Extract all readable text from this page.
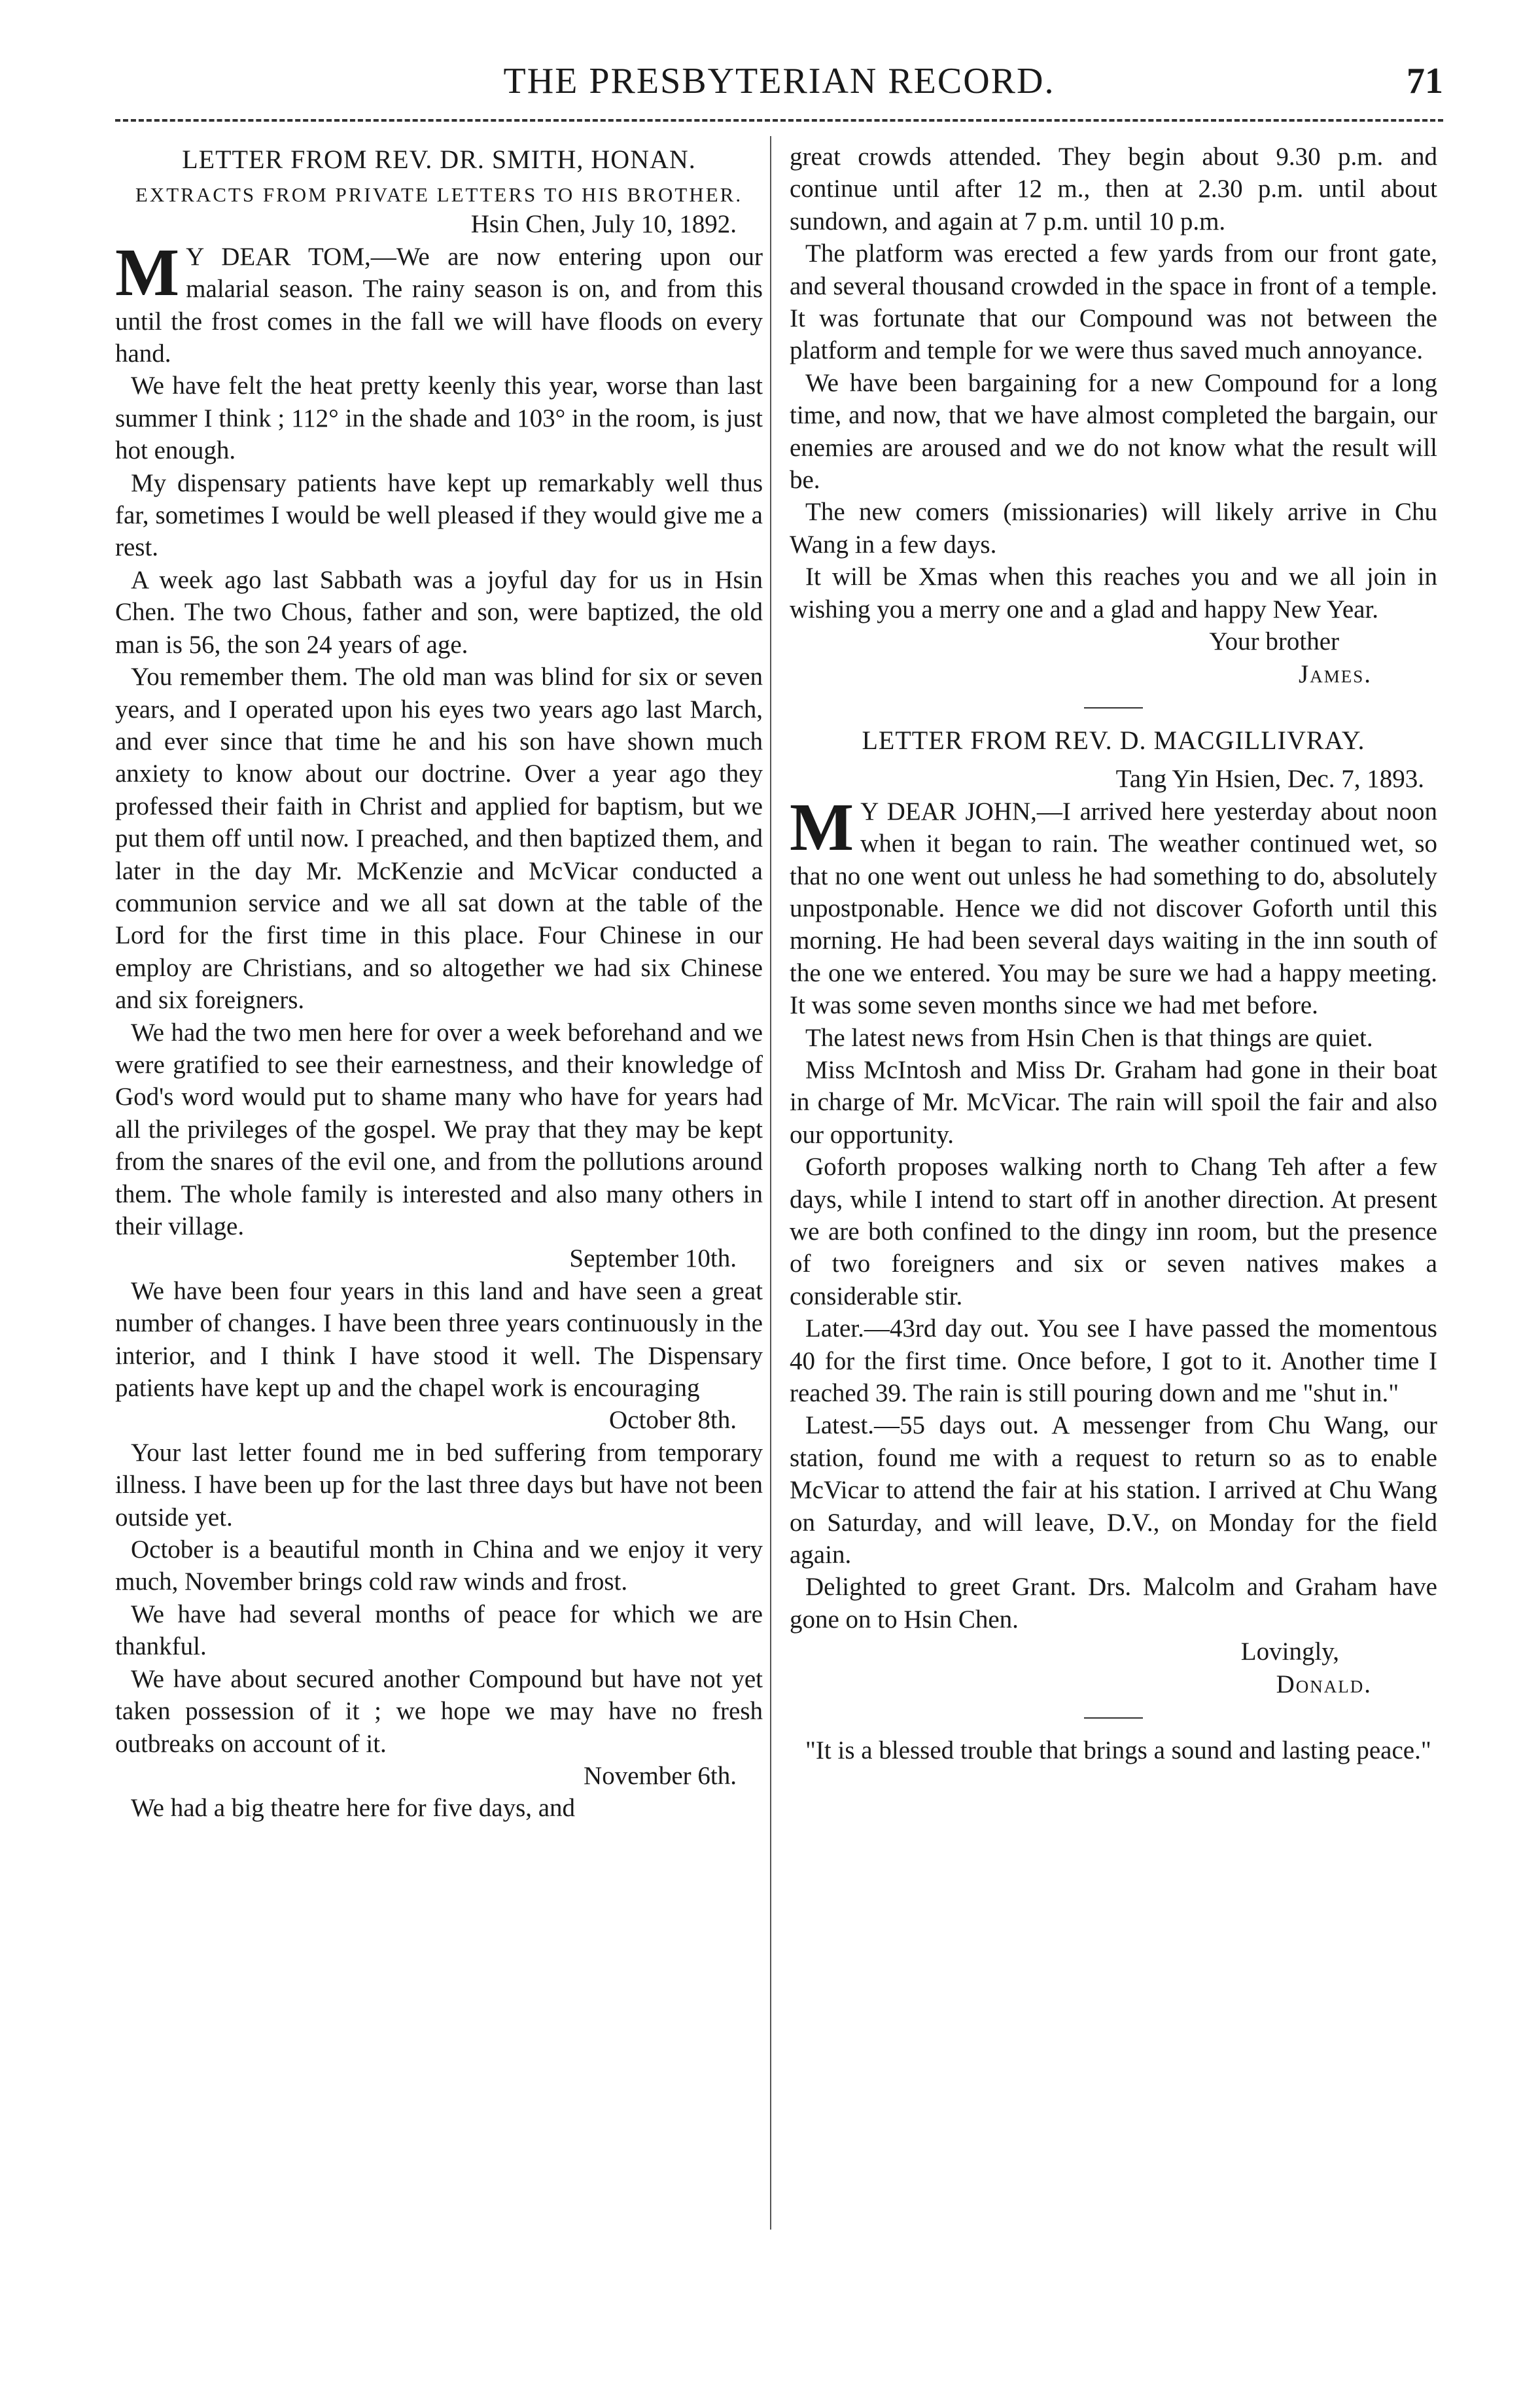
THE PRESBYTERIAN RECORD.	71
LETTER FROM REV. DR. SMITH, HONAN.
EXTRACTS FROM PRIVATE LETTERS TO HIS BROTHER.
Hsin Chen, July 10, 1892.

M Y DEAR TOM,—We are now entering upon our malarial season. The rainy season is on, and from this until the frost comes in the fall we will have floods on every hand.

We have felt the heat pretty keenly this year, worse than last summer I think ; 112° in the shade and 103° in the room, is just hot enough.

My dispensary patients have kept up remarkably well thus far, sometimes I would be well pleased if they would give me a rest.

A week ago last Sabbath was a joyful day for us in Hsin Chen. The two Chous, father and son, were baptized, the old man is 56, the son 24 years of age.

You remember them. The old man was blind for six or seven years, and I operated upon his eyes two years ago last March, and ever since that time he and his son have shown much anxiety to know about our doctrine. Over a year ago they professed their faith in Christ and applied for baptism, but we put them off until now. I preached, and then baptized them, and later in the day Mr. McKenzie and McVicar conducted a communion service and we all sat down at the table of the Lord for the first time in this place. Four Chinese in our employ are Christians, and so altogether we had six Chinese and six foreigners.

We had the two men here for over a week beforehand and we were gratified to see their earnestness, and their knowledge of God's word would put to shame many who have for years had all the privileges of the gospel. We pray that they may be kept from the snares of the evil one, and from the pollutions around them. The whole family is interested and also many others in their village.

September 10th.

We have been four years in this land and have seen a great number of changes. I have been three years continuously in the interior, and I think I have stood it well. The Dispensary patients have kept up and the chapel work is encouraging

October 8th.

Your last letter found me in bed suffering from temporary illness. I have been up for the last three days but have not been outside yet.

October is a beautiful month in China and we enjoy it very much, November brings cold raw winds and frost.

We have had several months of peace for which we are thankful.

We have about secured another Compound but have not yet taken possession of it ; we hope we may have no fresh outbreaks on account of it.

November 6th.

We had a big theatre here for five days, and

great crowds attended. They begin about 9.30 p.m. and continue until after 12 m., then at 2.30 p.m. until about sundown, and again at 7 p.m. until 10 p.m.

The platform was erected a few yards from our front gate, and several thousand crowded in the space in front of a temple. It was fortunate that our Compound was not between the platform and temple for we were thus saved much annoyance.

We have been bargaining for a new Compound for a long time, and now, that we have almost completed the bargain, our enemies are aroused and we do not know what the result will be.

The new comers (missionaries) will likely arrive in Chu Wang in a few days.

It will be Xmas when this reaches you and we all join in wishing you a merry one and a glad and happy New Year.

Your brother
James.
LETTER FROM REV. D. MACGILLIVRAY.
Tang Yin Hsien, Dec. 7, 1893.

M Y DEAR JOHN,—I arrived here yesterday about noon when it began to rain. The weather continued wet, so that no one went out unless he had something to do, absolutely unpostponable. Hence we did not discover Goforth until this morning. He had been several days waiting in the inn south of the one we entered. You may be sure we had a happy meeting. It was some seven months since we had met before.

The latest news from Hsin Chen is that things are quiet.

Miss McIntosh and Miss Dr. Graham had gone in their boat in charge of Mr. McVicar. The rain will spoil the fair and also our opportunity.

Goforth proposes walking north to Chang Teh after a few days, while I intend to start off in another direction. At present we are both confined to the dingy inn room, but the presence of two foreigners and six or seven natives makes a considerable stir.

Later.—43rd day out. You see I have passed the momentous 40 for the first time. Once before, I got to it. Another time I reached 39. The rain is still pouring down and me "shut in."

Latest.—55 days out. A messenger from Chu Wang, our station, found me with a request to return so as to enable McVicar to attend the fair at his station. I arrived at Chu Wang on Saturday, and will leave, D.V., on Monday for the field again.

Delighted to greet Grant. Drs. Malcolm and Graham have gone on to Hsin Chen.

Lovingly,
Donald.

"It is a blessed trouble that brings a sound and lasting peace."
